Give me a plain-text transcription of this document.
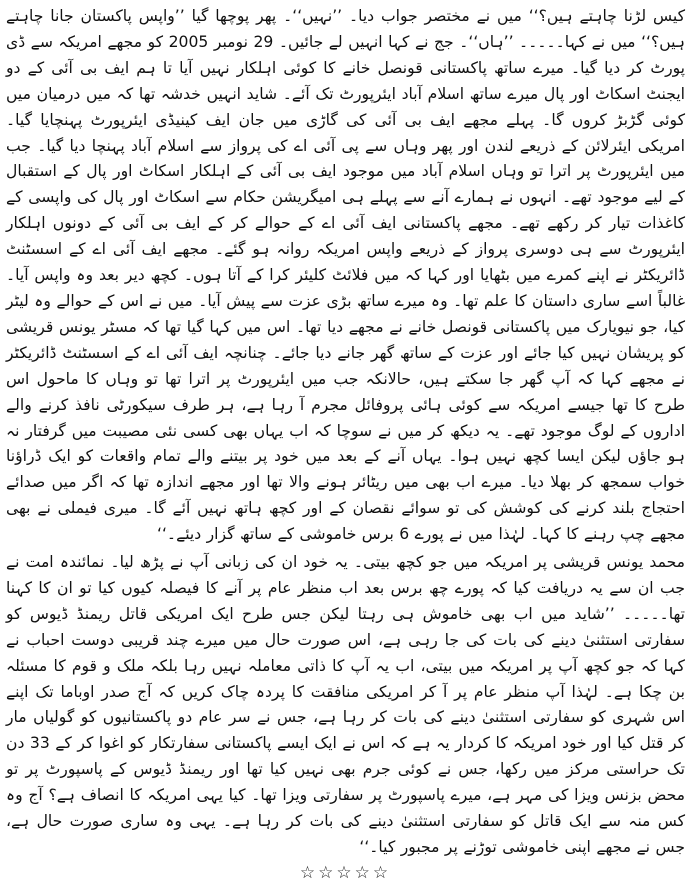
کیس لڑنا چاہتے ہیں؟‘‘ میں نے مختصر جواب دیا۔ ’’نہیں‘‘۔ پھر پوچھا گیا ’’واپس پاکستان جانا چاہتے ہیں؟‘‘ میں نے کہا۔۔۔۔۔ ’’ہاں‘‘۔ جج نے کہا انہیں لے جائیں۔ 29 نومبر 2005 کو مجھے امریکہ سے ڈی پورٹ کر دیا گیا۔ میرے ساتھ پاکستانی قونصل خانے کا کوئی اہلکار نہیں آیا تا ہم ایف بی آئی کے دو ایجنٹ اسکاٹ اور پال میرے ساتھ اسلام آباد ایئرپورٹ تک آئے۔ شاید انہیں خدشہ تھا کہ میں درمیان میں کوئی گڑبڑ کروں گا۔ پہلے مجھے ایف بی آئی کی گاڑی میں جان ایف کینیڈی ایئرپورٹ پہنچایا گیا۔ امریکی ایئرلائن کے ذریعے لندن اور پھر وہاں سے پی آئی اے کی پرواز سے اسلام آباد پہنچا دیا گیا۔ جب میں ایئرپورٹ پر اترا تو وہاں اسلام آباد میں موجود ایف بی آئی کے اہلکار اسکاٹ اور پال کے استقبال کے لیے موجود تھے۔ انہوں نے ہمارے آنے سے پہلے ہی امیگریشن حکام سے اسکاٹ اور پال کی واپسی کے کاغذات تیار کر رکھے تھے۔ مجھے پاکستانی ایف آئی اے کے حوالے کر کے ایف بی آئی کے دونوں اہلکار ایئرپورٹ سے ہی دوسری پرواز کے ذریعے واپس امریکہ روانہ ہو گئے۔ مجھے ایف آئی اے کے اسسٹنٹ ڈائریکٹر نے اپنے کمرے میں بٹھایا اور کہا کہ میں فلائٹ کلیئر کرا کے آتا ہوں۔ کچھ دیر بعد وہ واپس آیا۔ غالباً اسے ساری داستان کا علم تھا۔ وہ میرے ساتھ بڑی عزت سے پیش آیا۔ میں نے اس کے حوالے وہ لیٹر کیا، جو نیویارک میں پاکستانی قونصل خانے نے مجھے دیا تھا۔ اس میں کہا گیا تھا کہ مسٹر یونس قریشی کو پریشان نہیں کیا جائے اور عزت کے ساتھ گھر جانے دیا جائے۔ چنانچہ ایف آئی اے کے اسسٹنٹ ڈائریکٹر نے مجھے کہا کہ آپ گھر جا سکتے ہیں، حالانکہ جب میں ایئرپورٹ پر اترا تھا تو وہاں کا ماحول اس طرح کا تھا جیسے امریکہ سے کوئی ہائی پروفائل مجرم آ رہا ہے، ہر طرف سیکورٹی نافذ کرنے والے اداروں کے لوگ موجود تھے۔ یہ دیکھ کر میں نے سوچا کہ اب یہاں بھی کسی نئی مصیبت میں گرفتار نہ ہو جاؤں لیکن ایسا کچھ نہیں ہوا۔ یہاں آنے کے بعد میں خود پر بیتنے والے تمام واقعات کو ایک ڈراؤنا خواب سمجھ کر بھلا دیا۔ میرے اب بھی میں ریٹائر ہونے والا تھا اور مجھے اندازہ تھا کہ اگر میں صدائے احتجاج بلند کرنے کی کوشش کی تو سوائے نقصان کے اور کچھ ہاتھ نہیں آئے گا۔ میری فیملی نے بھی مجھے چپ رہنے کا کہا۔ لہٰذا میں نے پورے 6 برس خاموشی کے ساتھ گزار دیئے۔‘‘

محمد یونس قریشی پر امریکہ میں جو کچھ بیتی۔ یہ خود ان کی زبانی آپ نے پڑھ لیا۔ نمائندہ امت نے جب ان سے یہ دریافت کیا کہ پورے چھ برس بعد اب منظر عام پر آنے کا فیصلہ کیوں کیا تو ان کا کہنا تھا۔۔۔۔۔ ’’شاید میں اب بھی خاموش ہی رہتا لیکن جس طرح ایک امریکی قاتل ریمنڈ ڈیوس کو سفارتی استثنیٰ دینے کی بات کی جا رہی ہے، اس صورت حال میں میرے چند قریبی دوست احباب نے کہا کہ جو کچھ آپ پر امریکہ میں بیتی، اب یہ آپ کا ذاتی معاملہ نہیں رہا بلکہ ملک و قوم کا مسئلہ بن چکا ہے۔ لہٰذا آپ منظر عام پر آ کر امریکی منافقت کا پردہ چاک کریں کہ آج صدر اوباما تک اپنے اس شہری کو سفارتی استثنیٰ دینے کی بات کر رہا ہے، جس نے سر عام دو پاکستانیوں کو گولیاں مار کر قتل کیا اور خود امریکہ کا کردار یہ ہے کہ اس نے ایک ایسے پاکستانی سفارتکار کو اغوا کر کے 33 دن تک حراستی مرکز میں رکھا، جس نے کوئی جرم بھی نہیں کیا تھا اور ریمنڈ ڈیوس کے پاسپورٹ پر تو محض بزنس ویزا کی مہر ہے، میرے پاسپورٹ پر سفارتی ویزا تھا۔ کیا یہی امریکہ کا انصاف ہے؟ آج وہ کس منہ سے ایک قاتل کو سفارتی استثنیٰ دینے کی بات کر رہا ہے۔ یہی وہ ساری صورت حال ہے، جس نے مجھے اپنی خاموشی توڑنے پر مجبور کیا۔‘‘

☆☆☆☆☆
